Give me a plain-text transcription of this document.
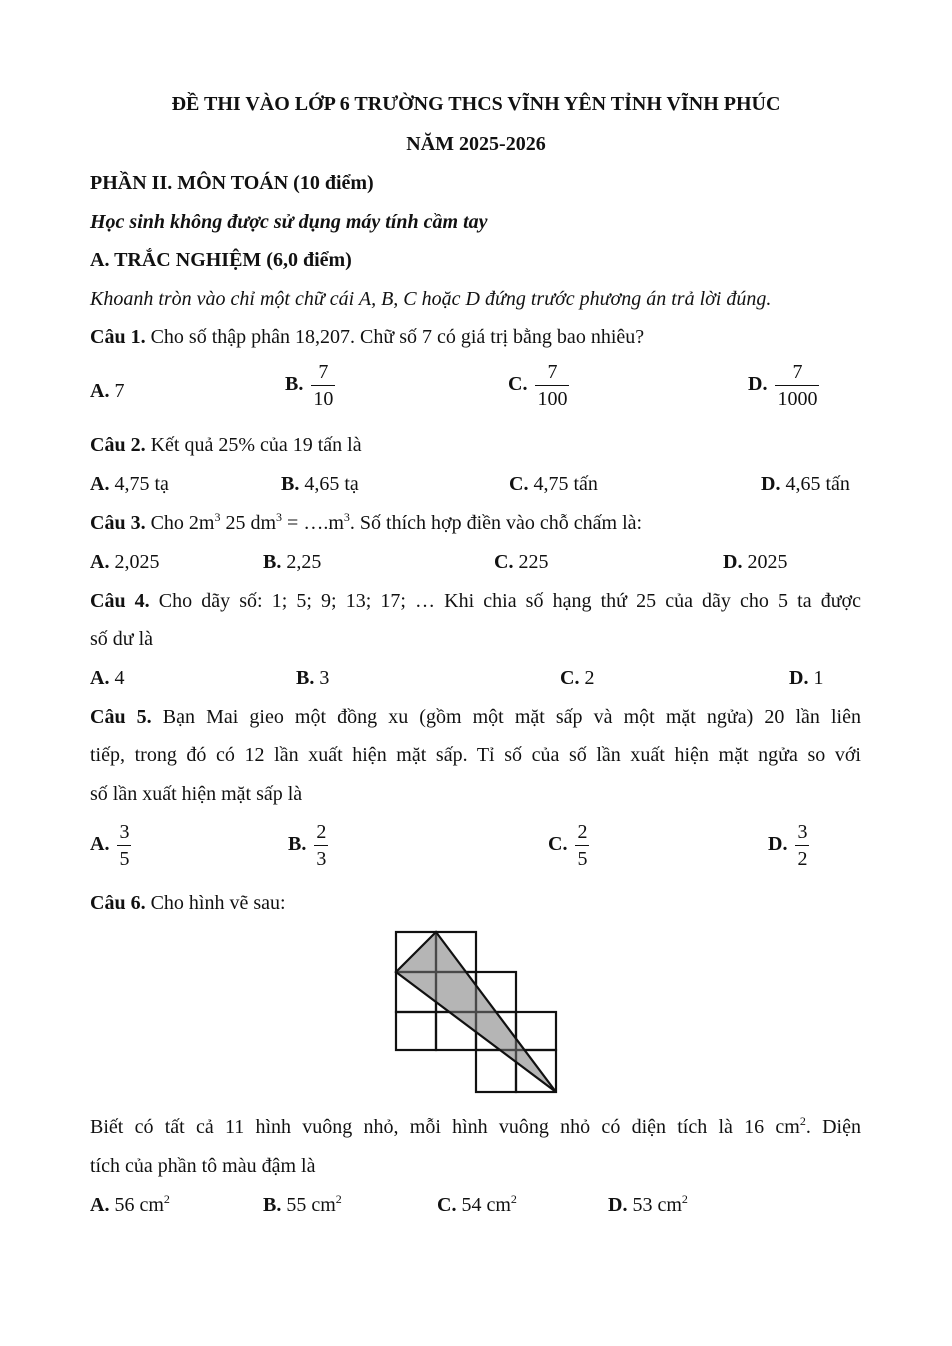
ĐỀ THI VÀO LỚP 6 TRƯỜNG THCS VĨNH YÊN TỈNH VĨNH PHÚC
NĂM 2025-2026
PHẦN II. MÔN TOÁN (10 điểm)
Học sinh không được sử dụng máy tính cầm tay
A. TRẮC NGHIỆM (6,0 điểm)
Khoanh tròn vào chỉ một chữ cái A, B, C hoặc D đứng trước phương án trả lời đúng.
Câu 1. Cho số thập phân 18,207. Chữ số 7 có giá trị bằng bao nhiêu?
A. 7	B. $\frac{7}{10}$	C. $\frac{7}{100}$	D. $\frac{7}{1000}$
Câu 2. Kết quả 25% của 19 tấn là
A. 4,75 tạ	B. 4,65 tạ	C. 4,75 tấn	D. 4,65 tấn
Câu 3. Cho $2m^3$ 25 $dm^3$ = $\dots.m^3$. Số thích hợp điền vào chỗ chấm là:
A. 2,025	B. 2,25	C. 225	D. 2025
Câu 4. Cho dãy số: 1; 5; 9; 13; 17; … Khi chia số hạng thứ 25 của dãy cho 5 ta được
số dư là
A. 4	B. 3	C. 2	D. 1
Câu 5. Bạn Mai gieo một đồng xu (gồm một mặt sấp và một mặt ngửa) 20 lần liên
tiếp, trong đó có 12 lần xuất hiện mặt sấp. Tỉ số của số lần xuất hiện mặt ngửa so với
số lần xuất hiện mặt sấp là
A. $\frac{3}{5}$	B. $\frac{2}{3}$	C. $\frac{2}{5}$	D. $\frac{3}{2}$
Câu 6. Cho hình vẽ sau:
Biết có tất cả 11 hình vuông nhỏ, mỗi hình vuông nhỏ có diện tích là 16 $cm^2$. Diện
tích của phần tô màu đậm là
A. 56 $cm^2$	B. 55 $cm^2$	C. 54 $cm^2$	D. 53 $cm^2$
